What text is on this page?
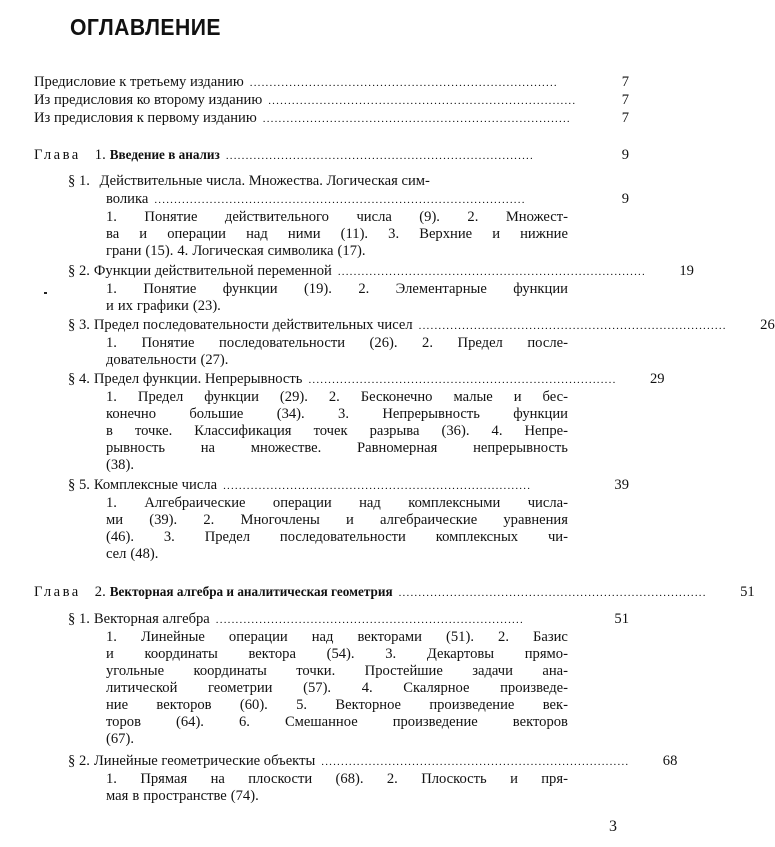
ОГЛАВЛЕНИЕ
Предисловие к третьему изданию ..............................................................................	7
Из предисловия ко второму изданию ..............................................................................	7
Из предисловия к первому изданию ..............................................................................	7
Глава 1. Введение в анализ ..............................................................................	9
§ 1. Действительные числа. Множества. Логическая сим-
волика ..............................................................................................	9
1. Понятие действительного числа (9). 2. Множест-
ва и операции над ними (11). 3. Верхние и нижние
грани (15). 4. Логическая символика (17).
§ 2. Функции действительной переменной ..............................................................................	19
1. Понятие функции (19). 2. Элементарные функции
и их графики (23).
§ 3. Предел последовательности действительных чисел ..............................................................................	26
1. Понятие последовательности (26). 2. Предел после-
довательности (27).
§ 4. Предел функции. Непрерывность ..............................................................................	29
1. Предел функции (29). 2. Бесконечно малые и бес-
конечно большие (34). 3. Непрерывность функции
в точке. Классификация точек разрыва (36). 4. Непре-
рывность на множестве. Равномерная непрерывность
(38).
§ 5. Комплексные числа ..............................................................................	39
1. Алгебраические операции над комплексными числа-
ми (39). 2. Многочлены и алгебраические уравнения
(46). 3. Предел последовательности комплексных чи-
сел (48).
Глава 2. Векторная алгебра и аналитическая геометрия ..............................................................................	51
§ 1. Векторная алгебра ..............................................................................	51
1. Линейные операции над векторами (51). 2. Базис
и координаты вектора (54). 3. Декартовы прямо-
угольные координаты точки. Простейшие задачи ана-
литической геометрии (57). 4. Скалярное произведе-
ние векторов (60). 5. Векторное произведение век-
торов (64). 6. Смешанное произведение векторов
(67).
§ 2. Линейные геометрические объекты ..............................................................................	68
1. Прямая на плоскости (68). 2. Плоскость и пря-
мая в пространстве (74).
3
